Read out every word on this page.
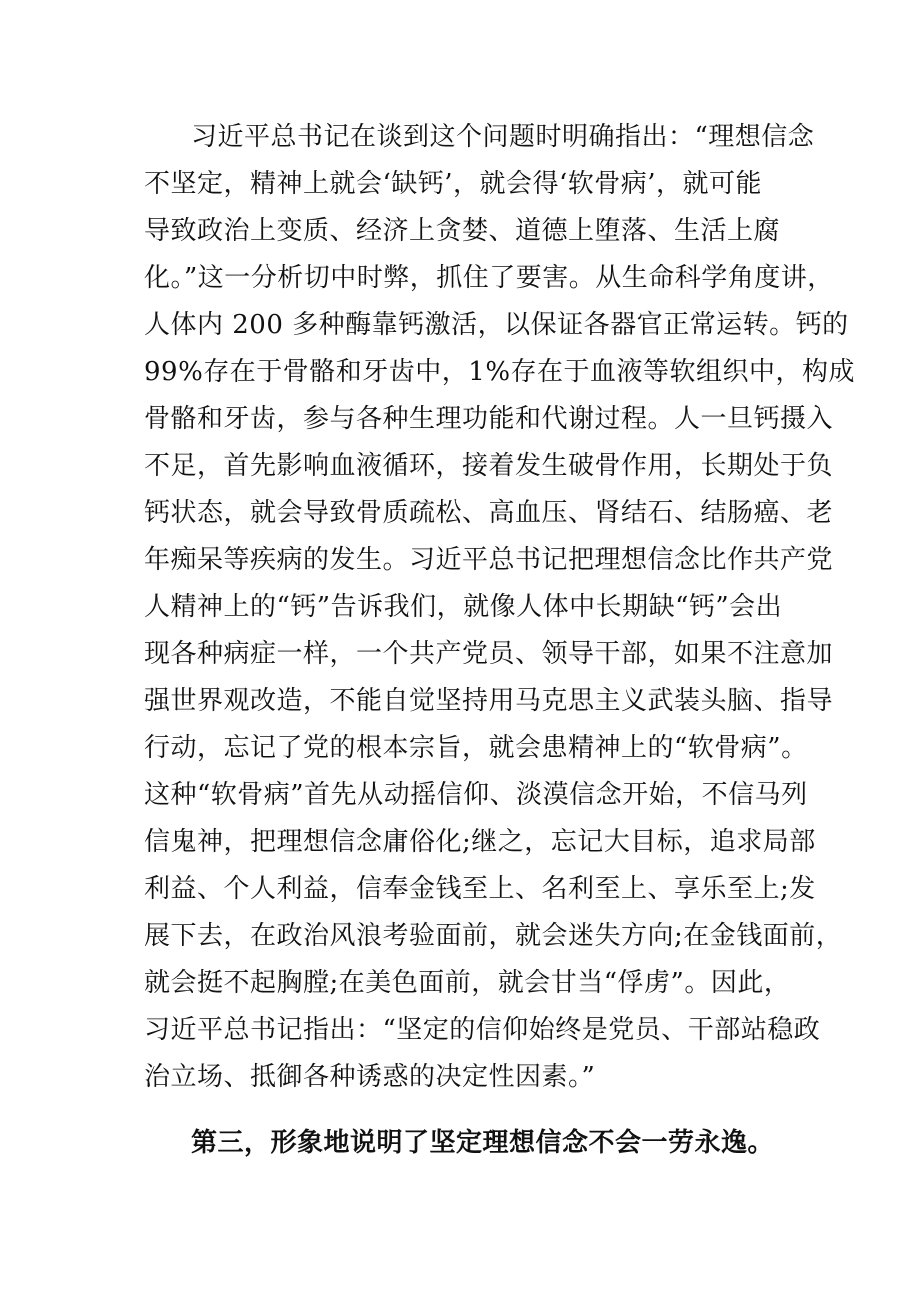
习近平总书记在谈到这个问题时明确指出：“理想信念
不坚定，精神上就会‘缺钙’，就会得‘软骨病’，就可能
导致政治上变质、经济上贪婪、道德上堕落、生活上腐
化。”这一分析切中时弊，抓住了要害。从生命科学角度讲，
人体内 200 多种酶靠钙激活，以保证各器官正常运转。钙的
99%存在于骨骼和牙齿中，1%存在于血液等软组织中，构成
骨骼和牙齿，参与各种生理功能和代谢过程。人一旦钙摄入
不足，首先影响血液循环，接着发生破骨作用，长期处于负
钙状态，就会导致骨质疏松、高血压、肾结石、结肠癌、老
年痴呆等疾病的发生。习近平总书记把理想信念比作共产党
人精神上的“钙”告诉我们，就像人体中长期缺“钙”会出
现各种病症一样，一个共产党员、领导干部，如果不注意加
强世界观改造，不能自觉坚持用马克思主义武装头脑、指导
行动，忘记了党的根本宗旨，就会患精神上的“软骨病”。
这种“软骨病”首先从动摇信仰、淡漠信念开始，不信马列
信鬼神，把理想信念庸俗化;继之，忘记大目标，追求局部
利益、个人利益，信奉金钱至上、名利至上、享乐至上;发
展下去，在政治风浪考验面前，就会迷失方向;在金钱面前，
就会挺不起胸膛;在美色面前，就会甘当“俘虏”。因此，
习近平总书记指出：“坚定的信仰始终是党员、干部站稳政
治立场、抵御各种诱惑的决定性因素。”
第三，形象地说明了坚定理想信念不会一劳永逸。
